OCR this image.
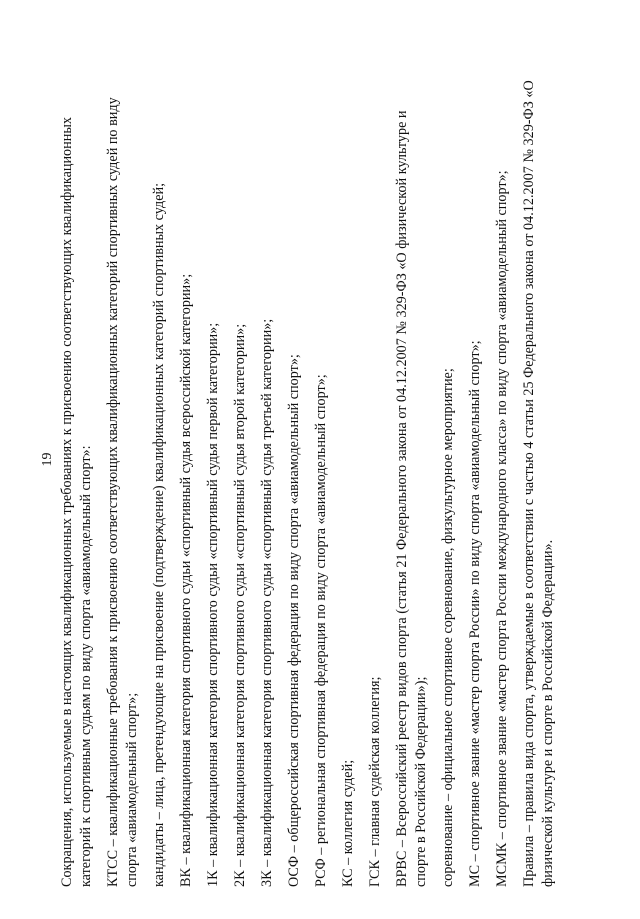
19 Сокращения, используемые в настоящих квалификационных требованиях к присвоению соответствующих квалификационных категорий к спортивным судьям по виду спорта «авиамодельный спорт»: КТСС – квалификационные требования к присвоению соответствующих квалификационных категорий спортивных судей по виду спорта «авиамодельный спорт»; кандидаты – лица, претендующие на присвоение (подтверждение) квалификационных категорий спортивных судей; ВК – квалификационная категория спортивного судьи «спортивный судья всероссийской категории»; 1К – квалификационная категория спортивного судьи «спортивный судья первой категории»; 2К – квалификационная категория спортивного судьи «спортивный судья второй категории»; 3К – квалификационная категория спортивного судьи «спортивный судья третьей категории»; ОСФ – общероссийская спортивная федерация по виду спорта «авиамодельный спорт»; РСФ – региональная спортивная федерация по виду спорта «авиамодельный спорт»; КС – коллегия судей; ГСК – главная судейская коллегия; ВРВС – Всероссийский реестр видов спорта (статья 21 Федерального закона от 04.12.2007 № 329-ФЗ «О физической культуре и спорте в Российской Федерации»); соревнование – официальное спортивное соревнование, физкультурное мероприятие; МС – спортивное звание «мастер спорта России» по виду спорта «авиамодельный спорт»; МСМК – спортивное звание «мастер спорта России международного класса» по виду спорта «авиамодельный спорт»; Правила – правила вида спорта, утверждаемые в соответствии с частью 4 статьи 25 Федерального закона от 04.12.2007 № 329-ФЗ «О физической культуре и спорте в Российской Федерации».
